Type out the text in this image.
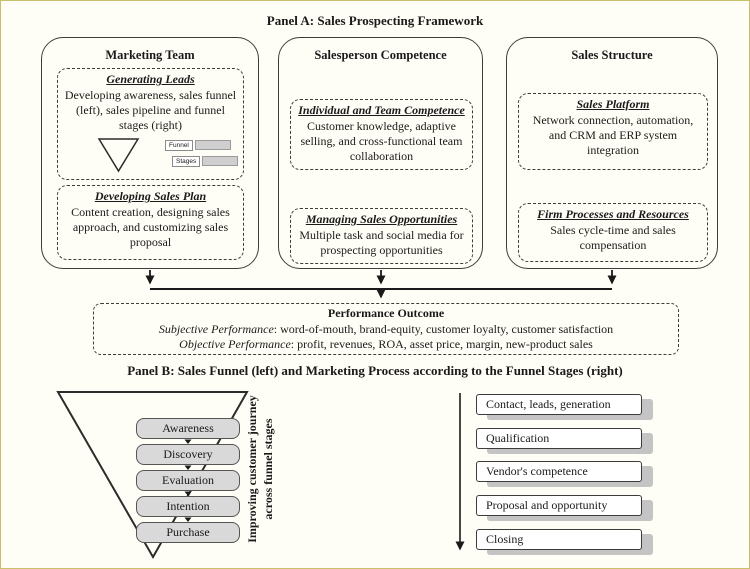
Panel A: Sales Prospecting Framework
Marketing Team
Generating Leads
Developing awareness, sales funnel (left), sales pipeline and funnel stages (right)
Developing Sales Plan
Content creation, designing sales approach, and customizing sales proposal
Salesperson Competence
Individual and Team Competence
Customer knowledge, adaptive selling, and cross-functional team collaboration
Managing Sales Opportunities
Multiple task and social media for prospecting opportunities
Sales Structure
Sales Platform
Network connection, automation, and CRM and ERP system integration
Firm Processes and Resources
Sales cycle-time and sales compensation
Funnel
Stages
Performance Outcome
Subjective Performance: word-of-mouth, brand-equity, customer loyalty, customer satisfaction
Objective Performance: profit, revenues, ROA, asset price, margin, new-product sales
Panel B: Sales Funnel (left) and Marketing Process according to the Funnel Stages (right)
Awareness
Discovery
Evaluation
Intention
Purchase	Improving customer journey across funnel stages
Contact, leads, generation
Qualification
Vendor's competence
Proposal and opportunity
Closing
